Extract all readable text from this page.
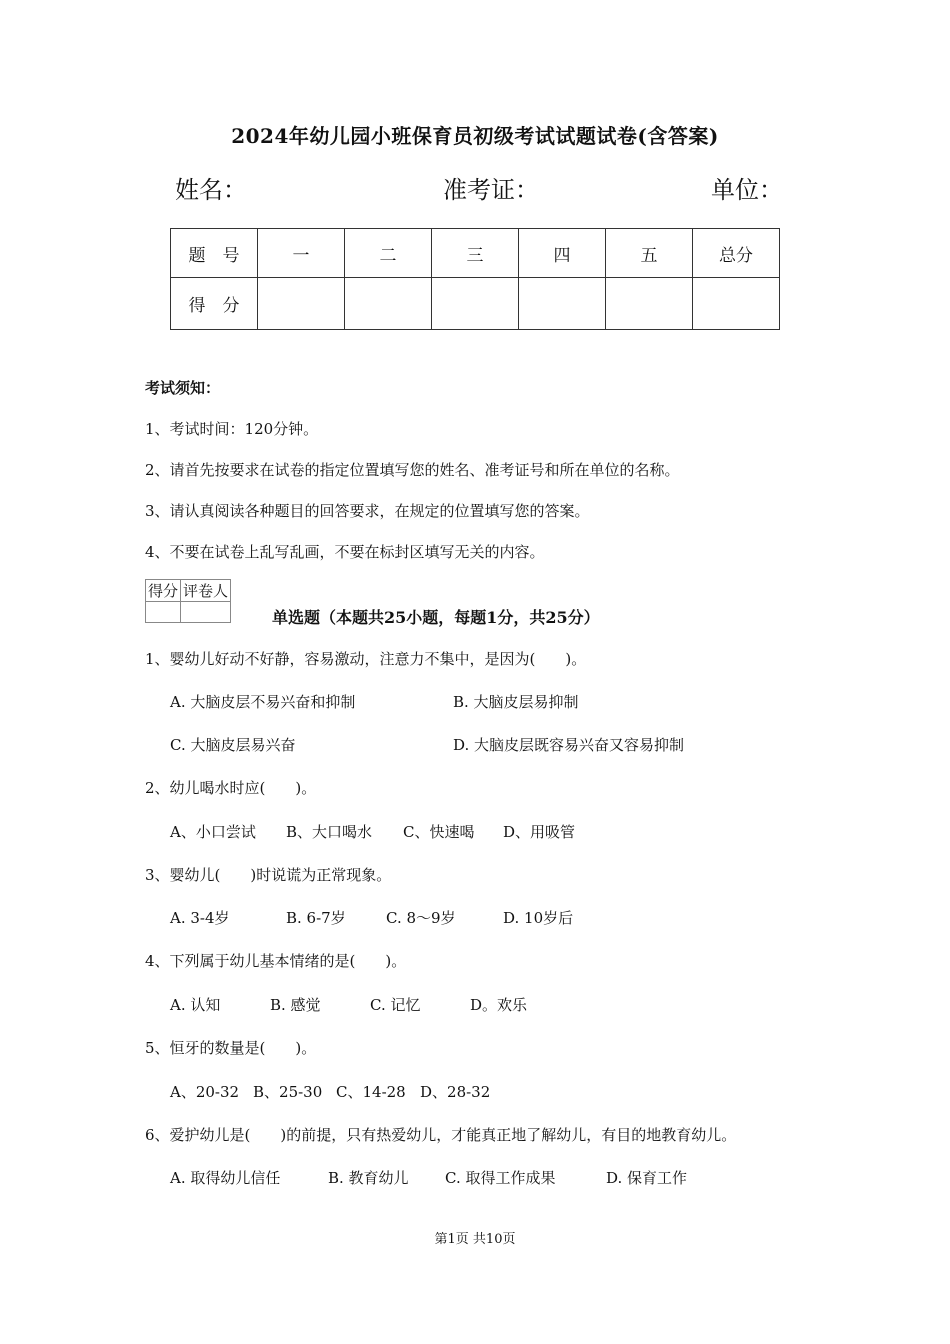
2024年幼儿园小班保育员初级考试试题试卷(含答案)
姓名：	准考证：	单位：
题　号	一	二	三	四	五	总分
得　分						
考试须知：
1、考试时间：120分钟。
2、请首先按要求在试卷的指定位置填写您的姓名、准考证号和所在单位的名称。
3、请认真阅读各种题目的回答要求，在规定的位置填写您的答案。
4、不要在试卷上乱写乱画，不要在标封区填写无关的内容。
得分	评卷人

单选题（本题共25小题，每题1分，共25分）
1、婴幼儿好动不好静，容易激动，注意力不集中，是因为(　　)。
A. 大脑皮层不易兴奋和抑制	B. 大脑皮层易抑制
C. 大脑皮层易兴奋	D. 大脑皮层既容易兴奋又容易抑制
2、幼儿喝水时应(　　)。
A、小口尝试 B、大口喝水 C、快速喝 D、用吸管
3、婴幼儿(　　)时说谎为正常现象。
A. 3-4岁	B. 6-7岁	C. 8～9岁	D. 10岁后
4、下列属于幼儿基本情绪的是(　　)。
A. 认知	B. 感觉	C. 记忆	D。欢乐
5、恒牙的数量是(　　)。
A、20-32 B、25-30 C、14-28 D、28-32
6、爱护幼儿是(　　)的前提，只有热爱幼儿，才能真正地了解幼儿，有目的地教育幼儿。
A. 取得幼儿信任	B. 教育幼儿 C. 取得工作成果	D. 保育工作
第1页 共10页
